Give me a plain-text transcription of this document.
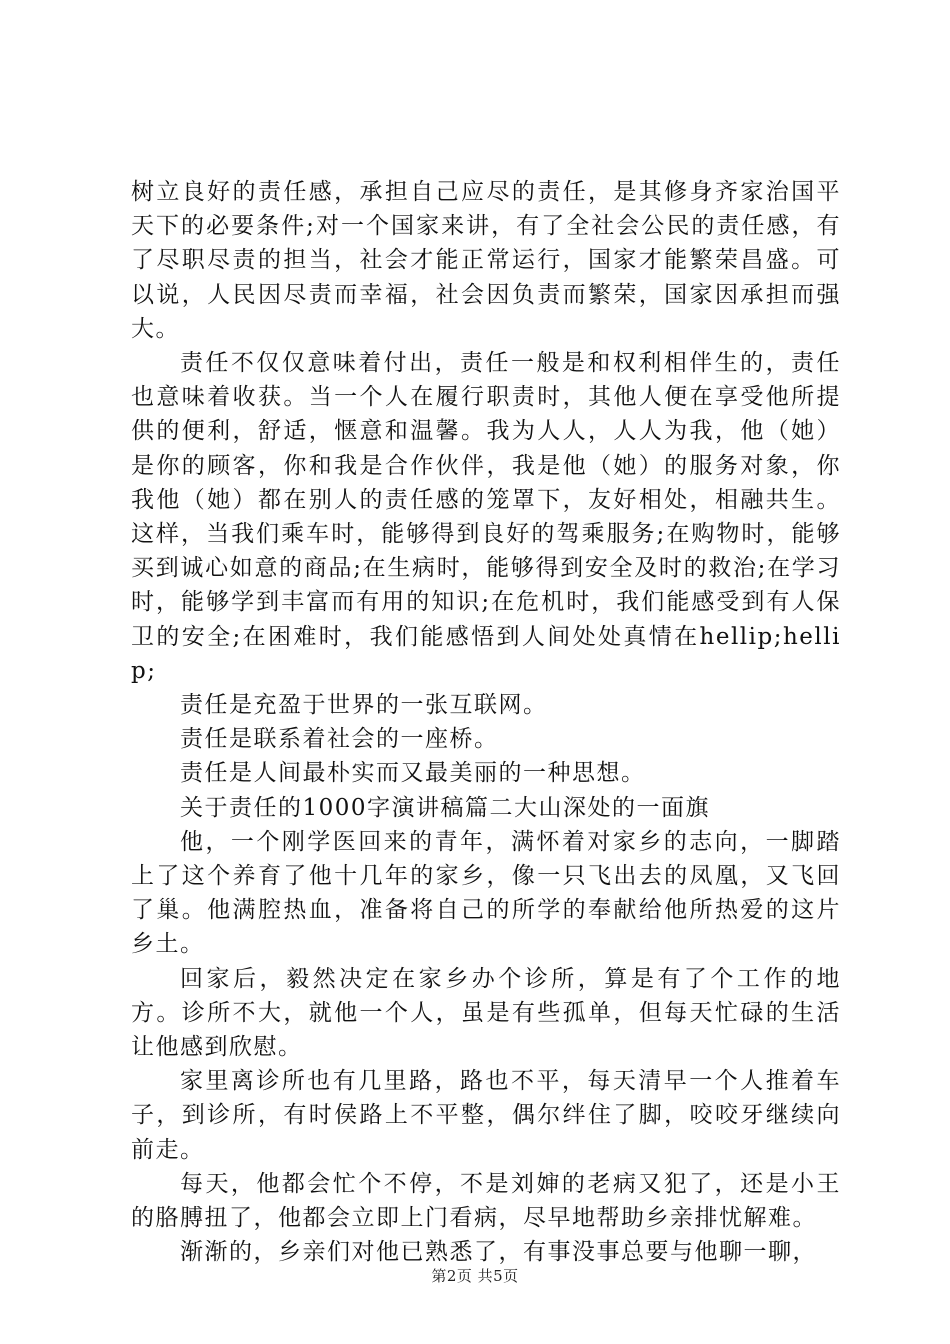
树立良好的责任感，承担自己应尽的责任，是其修身齐家治国平天下的必要条件;对一个国家来讲，有了全社会公民的责任感，有了尽职尽责的担当，社会才能正常运行，国家才能繁荣昌盛。可以说，人民因尽责而幸福，社会因负责而繁荣，国家因承担而强大。

责任不仅仅意味着付出，责任一般是和权利相伴生的，责任也意味着收获。当一个人在履行职责时，其他人便在享受他所提供的便利，舒适，惬意和温馨。我为人人，人人为我，他（她）是你的顾客，你和我是合作伙伴，我是他（她）的服务对象，你我他（她）都在别人的责任感的笼罩下，友好相处，相融共生。这样，当我们乘车时，能够得到良好的驾乘服务;在购物时，能够买到诚心如意的商品;在生病时，能够得到安全及时的救治;在学习时，能够学到丰富而有用的知识;在危机时，我们能感受到有人保卫的安全;在困难时，我们能感悟到人间处处真情在hellip;hellip;

责任是充盈于世界的一张互联网。

责任是联系着社会的一座桥。

责任是人间最朴实而又最美丽的一种思想。

关于责任的1000字演讲稿篇二大山深处的一面旗

他，一个刚学医回来的青年，满怀着对家乡的志向，一脚踏上了这个养育了他十几年的家乡，像一只飞出去的凤凰，又飞回了巢。他满腔热血，准备将自己的所学的奉献给他所热爱的这片乡土。

回家后，毅然决定在家乡办个诊所，算是有了个工作的地方。诊所不大，就他一个人，虽是有些孤单，但每天忙碌的生活让他感到欣慰。

家里离诊所也有几里路，路也不平，每天清早一个人推着车子，到诊所，有时侯路上不平整，偶尔绊住了脚，咬咬牙继续向前走。

每天，他都会忙个不停，不是刘婶的老病又犯了，还是小王的胳膊扭了，他都会立即上门看病，尽早地帮助乡亲排忧解难。

渐渐的，乡亲们对他已熟悉了，有事没事总要与他聊一聊，

第2页 共5页
